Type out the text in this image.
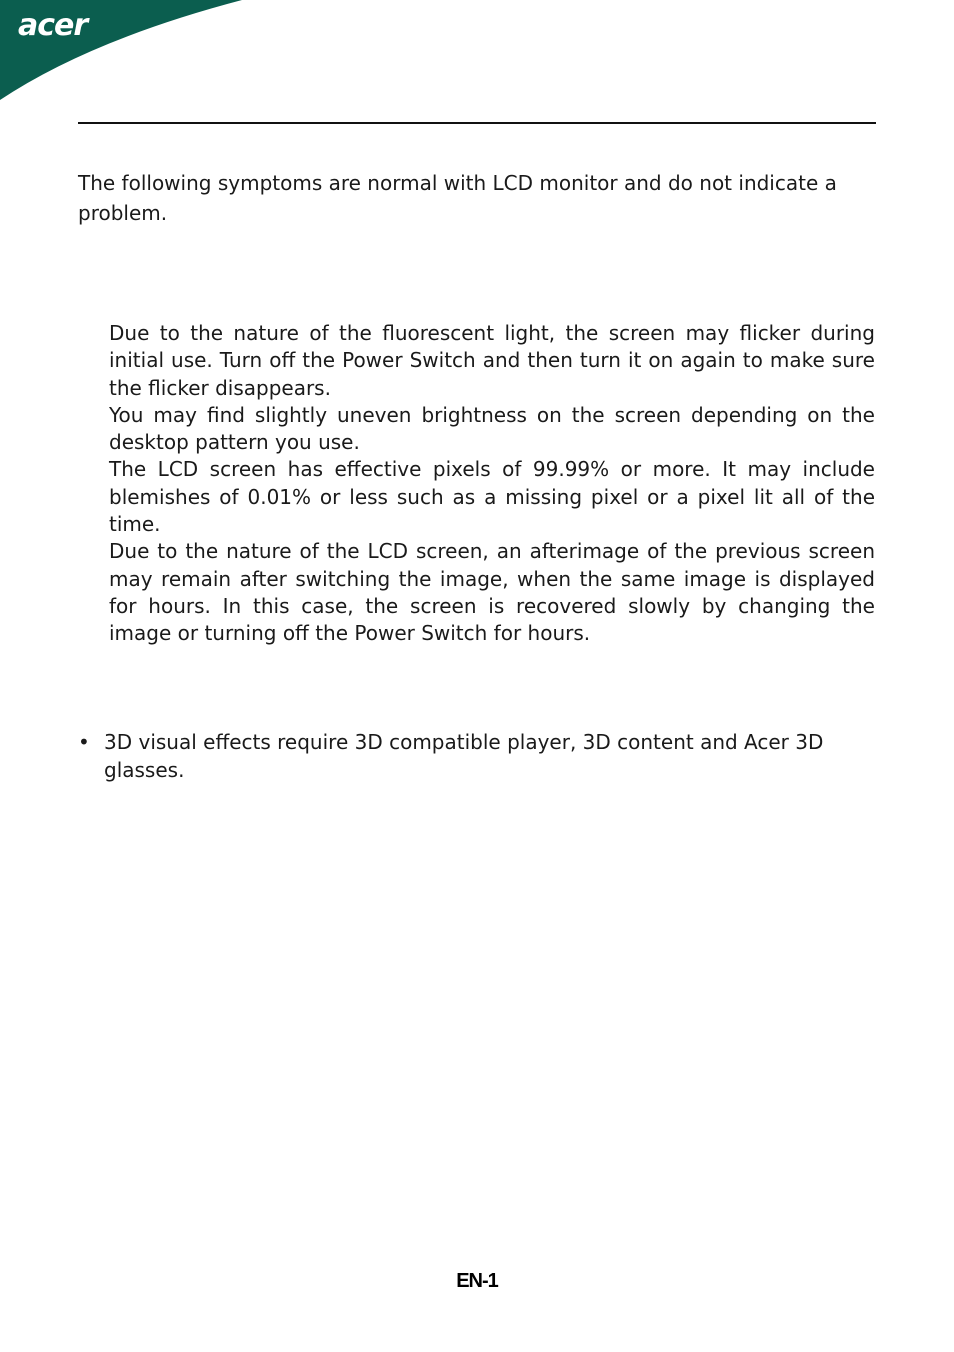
acer

The following symptoms are normal with LCD monitor and do not indicate a problem.

Due to the nature of the fluorescent light, the screen may flicker during initial use. Turn off the Power Switch and then turn it on again to make sure the flicker disappears.
You may find slightly uneven brightness on the screen depending on the desktop pattern you use.
The LCD screen has effective pixels of 99.99% or more. It may include blemishes of 0.01% or less such as a missing pixel or a pixel lit all of the time.
Due to the nature of the LCD screen, an afterimage of the previous screen may remain after switching the image, when the same image is displayed for hours. In this case, the screen is recovered slowly by changing the image or turning off the Power Switch for hours.
• 3D visual effects require 3D compatible player, 3D content and Acer 3D glasses.
EN-1
